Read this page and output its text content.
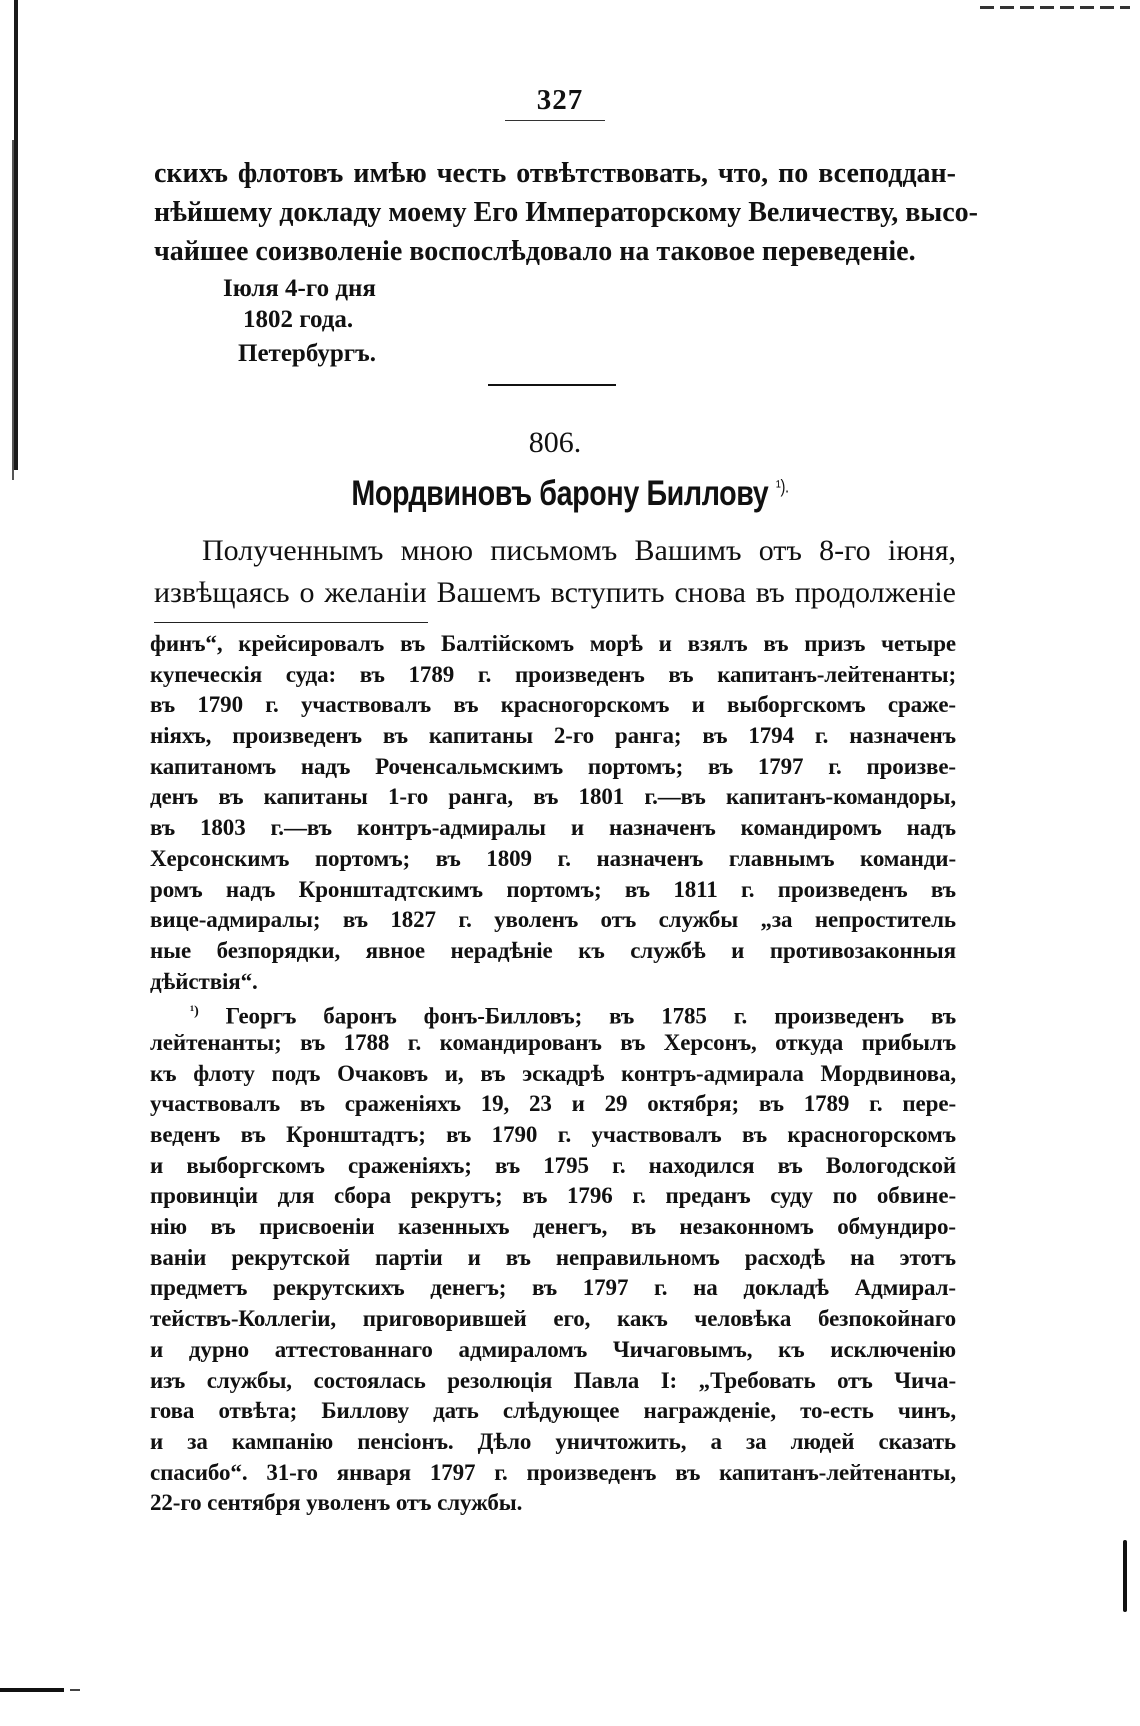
327
скихъ флотовъ имѣю честь отвѣтствовать, что, по всеподдан-
нѣйшему докладу моему Его Императорскому Величеству, высо-
чайшее соизволеніе воспослѣдовало на таковое переведеніе.
Іюля 4-го дня
1802 года.
Петербургъ.
806.
Мордвиновъ барону Биллову $^{^1).}$
Полученнымъ мною письмомъ Вашимъ отъ 8-го іюня,
извѣщаясь о желаніи Вашемъ вступить снова въ продолженіе
финъ“, крейсировалъ въ Балтійскомъ морѣ и взялъ въ призъ четыре
купеческія суда: въ 1789 г. произведенъ въ капитанъ-лейтенанты;
въ 1790 г. участвовалъ въ красногорскомъ и выборгскомъ сраже-
ніяхъ, произведенъ въ капитаны 2-го ранга; въ 1794 г. назначенъ
капитаномъ надъ Роченсальмскимъ портомъ; въ 1797 г. произве-
денъ въ капитаны 1-го ранга, въ 1801 г.—въ капитанъ-командоры,
въ 1803 г.—въ контръ-адмиралы и назначенъ командиромъ надъ
Херсонскимъ портомъ; въ 1809 г. назначенъ главнымъ команди-
ромъ надъ Кронштадтскимъ портомъ; въ 1811 г. произведенъ въ
вице-адмиралы; въ 1827 г. уволенъ отъ службы „за непроститель
ные безпорядки, явное нерадѣніе къ службѣ и противозаконныя
дѣйствія“.
$^{^1)}$ Георгъ баронъ фонъ-Билловъ; въ 1785 г. произведенъ въ
лейтенанты; въ 1788 г. командированъ въ Херсонъ, откуда прибылъ
къ флоту подъ Очаковъ и, въ эскадрѣ контръ-адмирала Мордвинова,
участвовалъ въ сраженіяхъ 19, 23 и 29 октября; въ 1789 г. пере-
веденъ въ Кронштадтъ; въ 1790 г. участвовалъ въ красногорскомъ
и выборгскомъ сраженіяхъ; въ 1795 г. находился въ Вологодской
провинціи для сбора рекрутъ; въ 1796 г. преданъ суду по обвине-
нію въ присвоеніи казенныхъ денегъ, въ незаконномъ обмундиро-
ваніи рекрутской партіи и въ неправильномъ расходѣ на этотъ
предметъ рекрутскихъ денегъ; въ 1797 г. на докладѣ Адмирал-
тействъ-Коллегіи, приговорившей его, какъ человѣка безпокойнаго
и дурно аттестованнаго адмираломъ Чичаговымъ, къ исключенію
изъ службы, состоялась резолюція Павла I: „Требовать отъ Чича-
гова отвѣта; Биллову дать слѣдующее награжденіе, то-есть чинъ,
и за кампанію пенсіонъ. Дѣло уничтожить, а за людей сказать
спасибо“. 31-го января 1797 г. произведенъ въ капитанъ-лейтенанты,
22-го сентября уволенъ отъ службы.
